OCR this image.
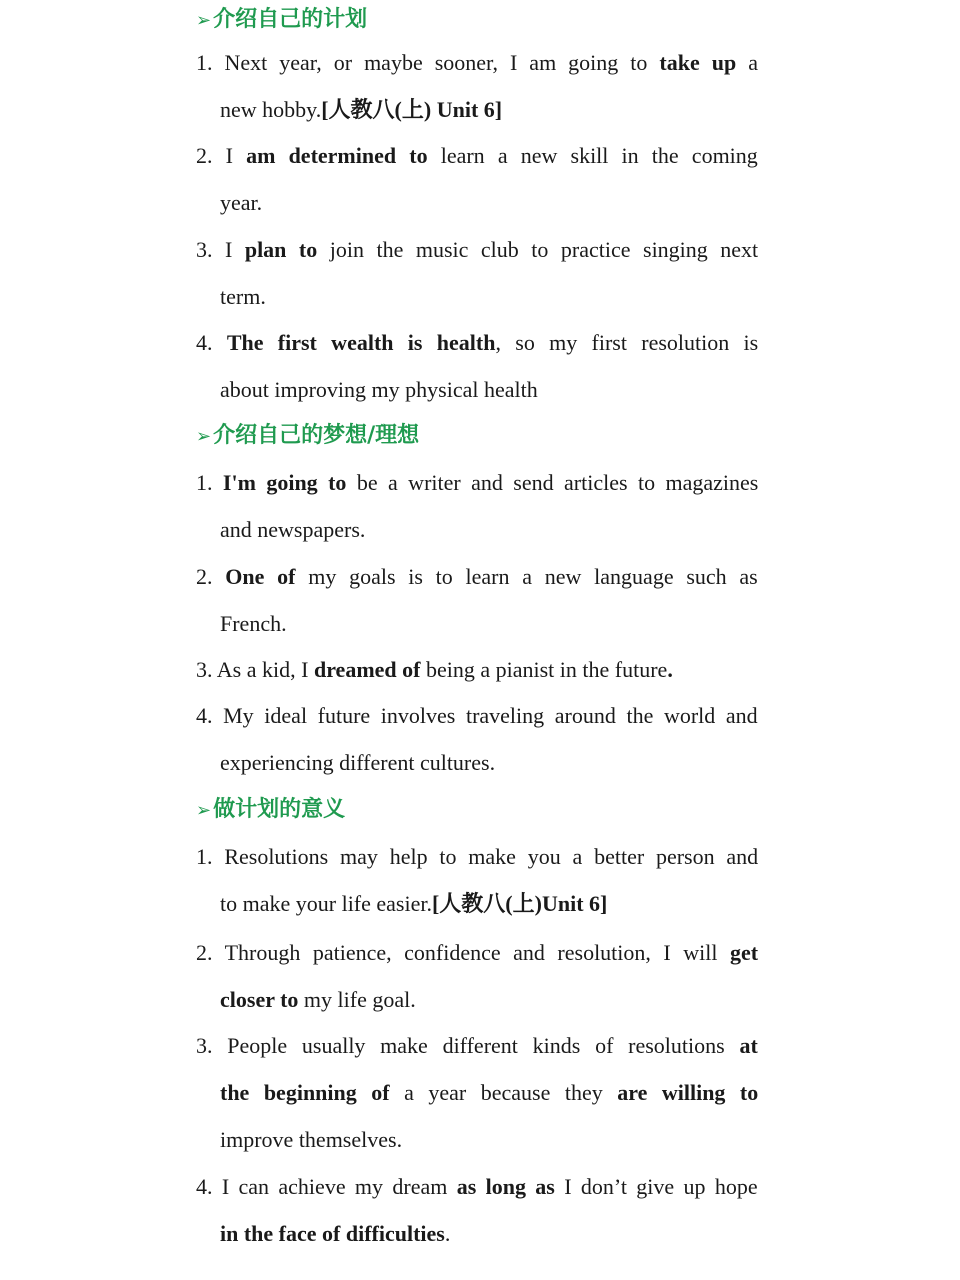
➢介绍自己的计划
1. Next year, or maybe sooner, I am going to take up a
new hobby.[人教八(上) Unit 6]
2. I am determined to learn a new skill in the coming
year.
3. I plan to join the music club to practice singing next
term.
4. The first wealth is health, so my first resolution is
about improving my physical health
➢介绍自己的梦想/理想
1. I'm going to be a writer and send articles to magazines
and newspapers.
2. One of my goals is to learn a new language such as
French.
3. As a kid, I dreamed of being a pianist in the future.
4. My ideal future involves traveling around the world and
experiencing different cultures.
➢做计划的意义
1. Resolutions may help to make you a better person and
to make your life easier.[人教八(上)Unit 6]
2. Through patience, confidence and resolution, I will get
closer to my life goal.
3. People usually make different kinds of resolutions at
the beginning of a year because they are willing to
improve themselves.
4. I can achieve my dream as long as I don’t give up hope
in the face of difficulties.
